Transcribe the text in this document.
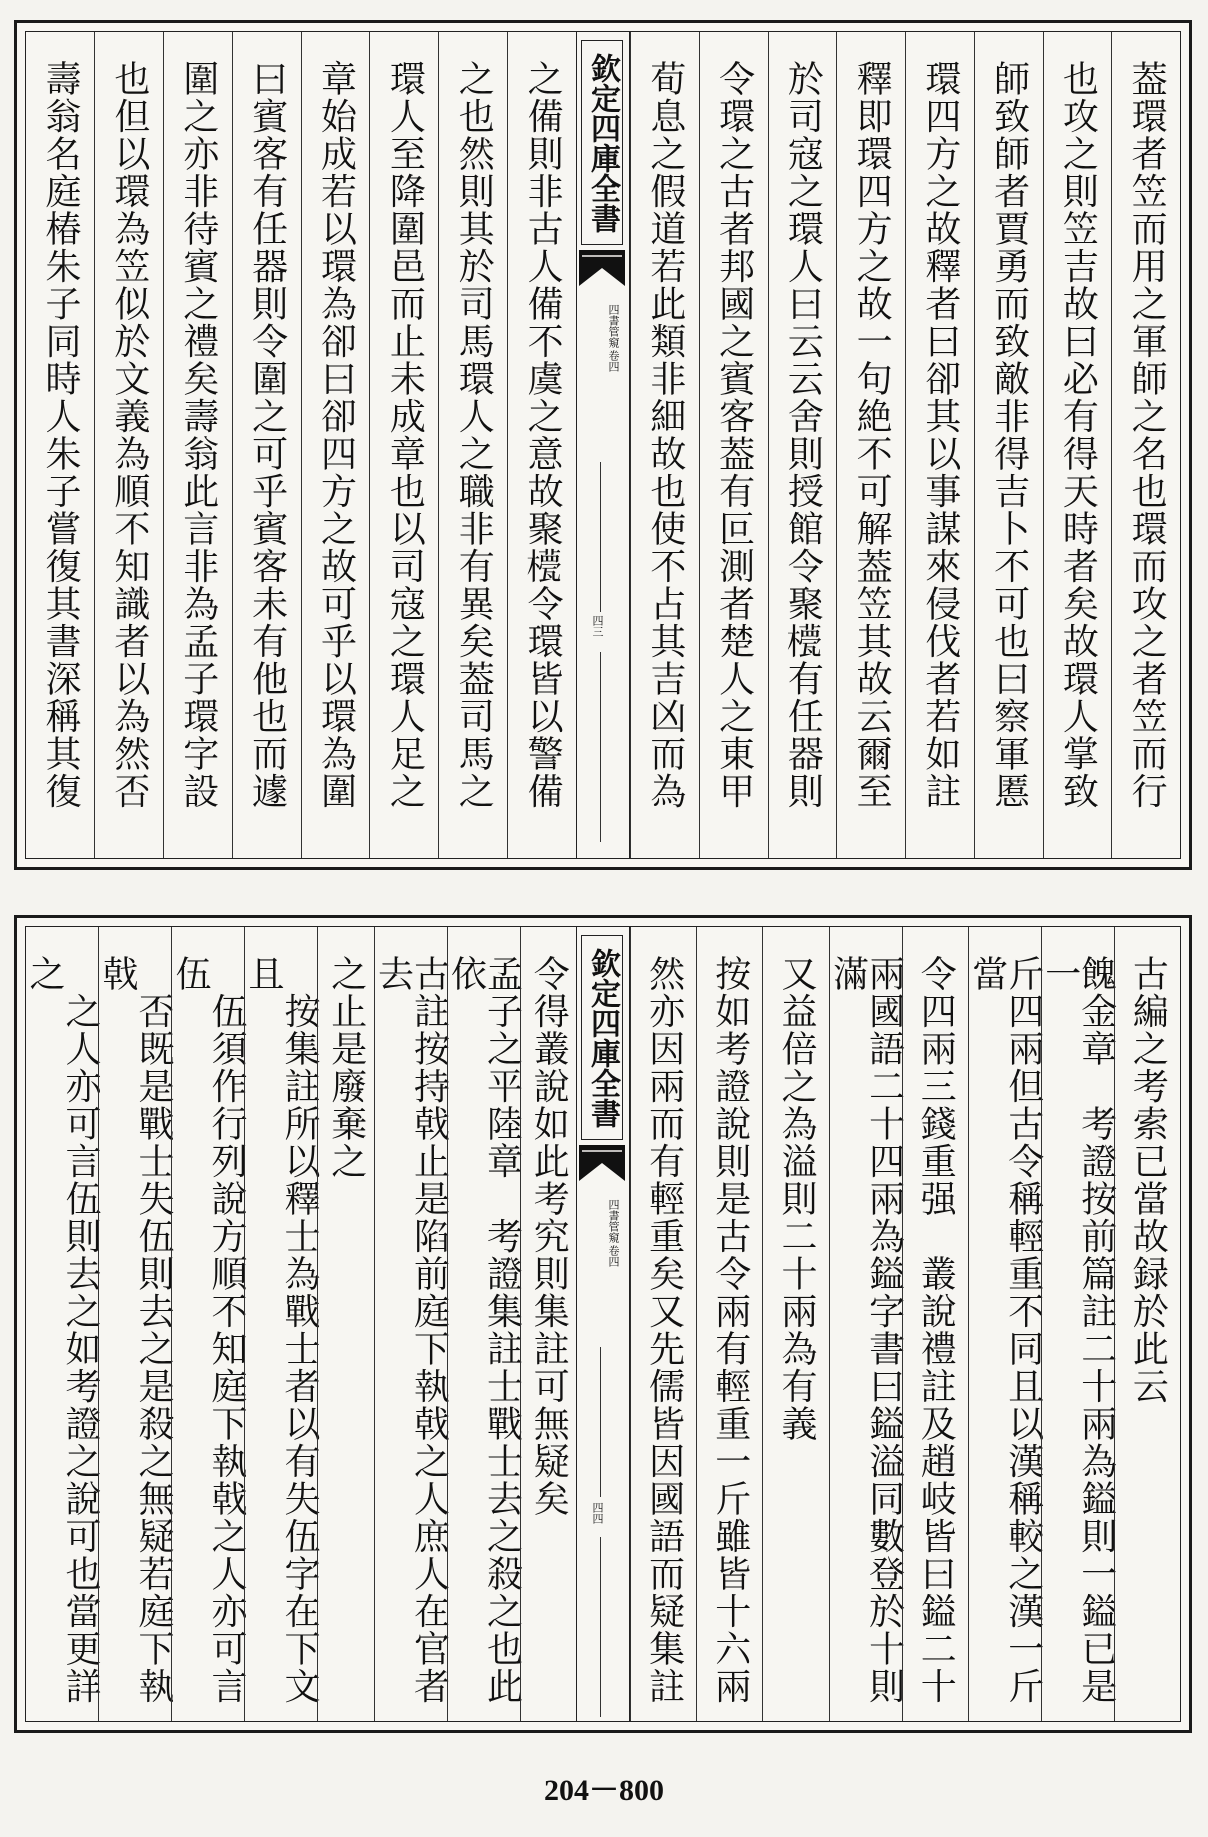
葢環者笠而用之軍師之名也環而攻之者笠而行
也攻之則笠吉故曰必有得天時者矣故環人掌致
師致師者賈勇而致敵非得吉卜不可也曰察軍慝
環四方之故釋者曰卻其以事謀來侵伐者若如註
釋即環四方之故一句絶不可解葢笠其故云爾至
於司寇之環人曰云云舍則授館令聚𣞑有任器則
令環之古者邦國之賓客葢有叵測者楚人之東甲
荀息之假道若此類非細故也使不占其吉凶而為
欽定四庫全書
四書管窺
卷四
四三
之備則非古人備不虞之意故聚𣞑令環皆以警備
之也然則其於司馬環人之職非有異矣葢司馬之
環人至降圍邑而止未成章也以司寇之環人足之
章始成若以環為卻曰卻四方之故可乎以環為圍
曰賓客有任器則令圍之可乎賓客未有他也而遽
圍之亦非待賓之禮矣壽翁此言非為孟子環字設
也但以環為笠似於文義為順不知識者以為然否
壽翁名庭椿朱子同時人朱子嘗復其書深稱其復
古編之考索已當故録於此云
餽金章　考證按前篇註二十兩為鎰則一鎰已是一
斤四兩但古令稱輕重不同且以漢稱較之漢一斤當
令四兩三錢重强　叢說禮註及趙岐皆曰鎰二十
兩國語二十四兩為鎰字書曰鎰溢同數登於十則滿
又益倍之為溢則二十兩為有義
按如考證說則是古令兩有輕重一斤雖皆十六兩
然亦因兩而有輕重矣又先儒皆因國語而疑集註
欽定四庫全書
四書管窺
卷四
四四
令得叢說如此考究則集註可無疑矣
孟子之平陸章　考證集註士戰士去之殺之也此依
古註按持戟止是陷前庭下執戟之人庶人在官者去
之止是廢棄之
　按集註所以釋士為戰士者以有失伍字在下文且
　伍須作行列說方順不知庭下執戟之人亦可言伍
　否既是戰士失伍則去之是殺之無疑若庭下執戟
　之人亦可言伍則去之如考證之說可也當更詳之
204－800
